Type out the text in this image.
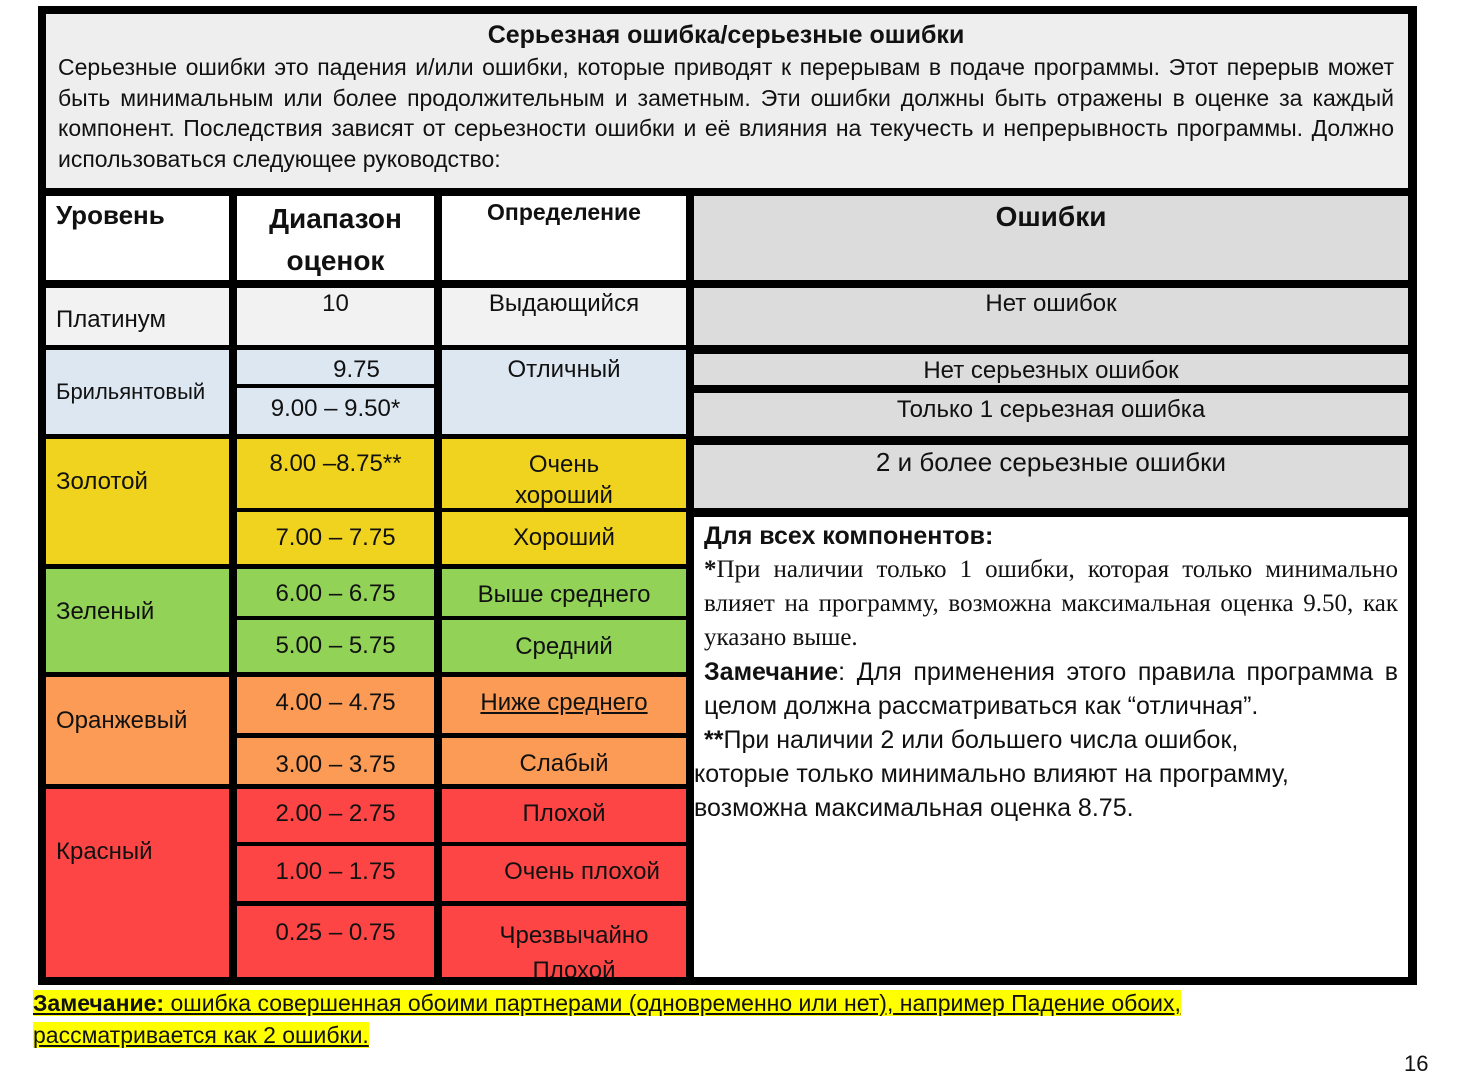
Серьезная ошибка/серьезные ошибки
Серьезные ошибки это падения и/или ошибки, которые приводят к перерывам в подаче программы. Этот перерыв может быть минимальным или более продолжительным и заметным. Эти ошибки должны быть отражены в оценке за каждый компонент. Последствия зависят от серьезности ошибки и её влияния на текучесть и непрерывность программы. Должно использоваться следующее руководство:
Уровень	Диапазон
оценок
Определение	Ошибки
Платинум
Брильянтовый
Золотой
Зеленый
Оранжевый
Красный
10
9.75
9.00 – 9.50*
8.00 –8.75**
7.00 – 7.75
6.00 – 6.75
5.00 – 5.75
4.00 – 4.75
3.00 – 3.75
2.00 – 2.75
1.00 – 1.75
0.25 – 0.75
Выдающийся
Отличный
Очень
хороший
Хороший
Выше среднего
Средний
Ниже среднего
Слабый
Плохой
Очень плохой
Чрезвычайно
Плохой
Нет ошибок
Нет серьезных ошибок
Только 1 серьезная ошибка
2 и более серьезные ошибки
Для всех компонентов:
*При наличии только 1 ошибки, которая только минимально влияет на программу, возможна максимальная оценка 9.50, как указано выше.
Замечание: Для применения этого правила программа в целом должна рассматриваться как “отличная”.
**При наличии 2 или большего числа ошибок,
которые только минимально влияют на программу,
возможна максимальная оценка 8.75.
Замечание: ошибка совершенная обоими партнерами (одновременно или нет), например Падение обоих,
рассматривается как 2 ошибки.
16
